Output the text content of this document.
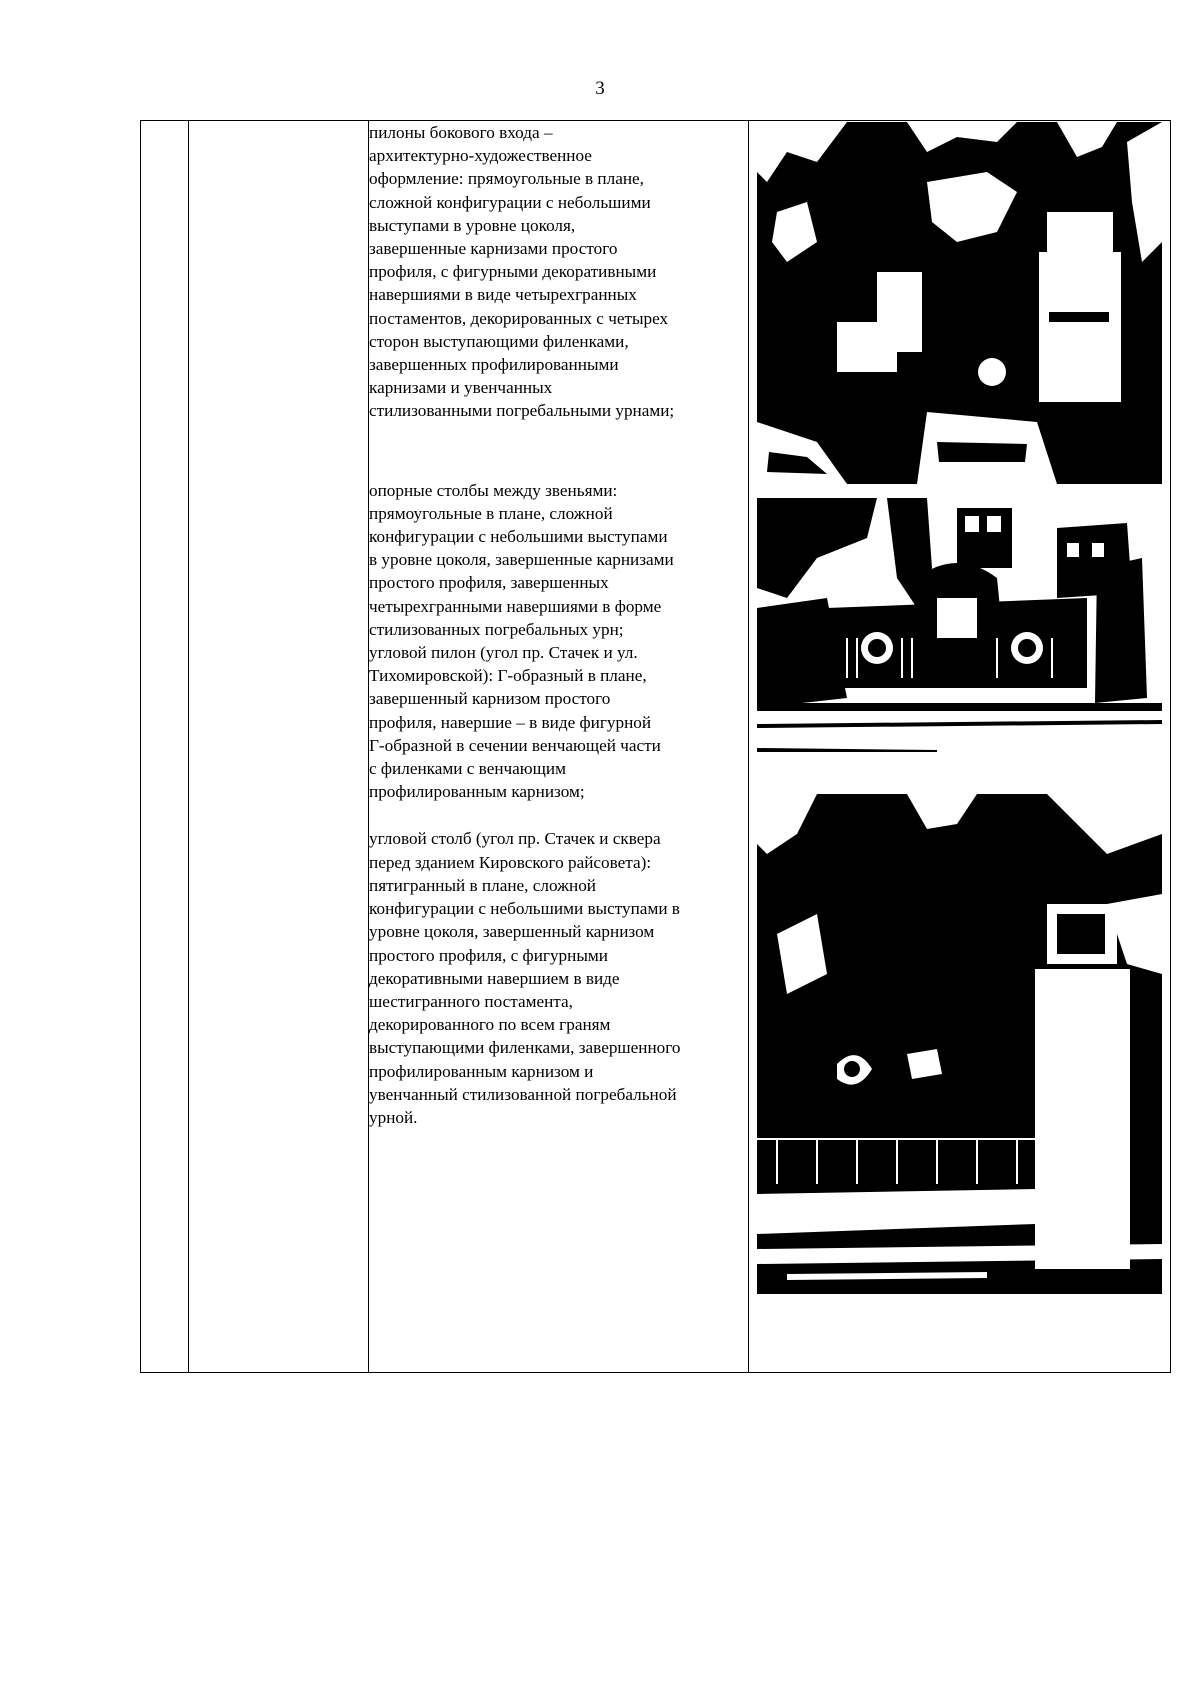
3

пилоны бокового входа –
архитектурно-художественное
оформление: прямоугольные в плане,
сложной конфигурации с небольшими
выступами в уровне цоколя,
завершенные карнизами простого
профиля, с фигурными декоративными
навершиями в виде четырехгранных
постаментов, декорированных с четырех
сторон выступающими филенками,
завершенных профилированными
карнизами и увенчанных
стилизованными погребальными урнами;

опорные столбы между звеньями:
прямоугольные в плане, сложной
конфигурации с небольшими выступами
в уровне цоколя, завершенные карнизами
простого профиля, завершенных
четырехгранными навершиями в форме
стилизованных погребальных урн;
угловой пилон (угол пр. Стачек и ул.
Тихомировской): Г-образный в плане,
завершенный карнизом простого
профиля, навершие – в виде фигурной
Г-образной в сечении венчающей части
с филенками с венчающим
профилированным карнизом;

угловой столб (угол пр. Стачек и сквера
перед зданием Кировского райсовета):
пятигранный в плане, сложной
конфигурации с небольшими выступами в
уровне цоколя, завершенный карнизом
простого профиля, с фигурными
декоративными навершием в виде
шестигранного постамента,
декорированного по всем граням
выступающими филенками, завершенного
профилированным карнизом и
увенчанный стилизованной погребальной
урной.
